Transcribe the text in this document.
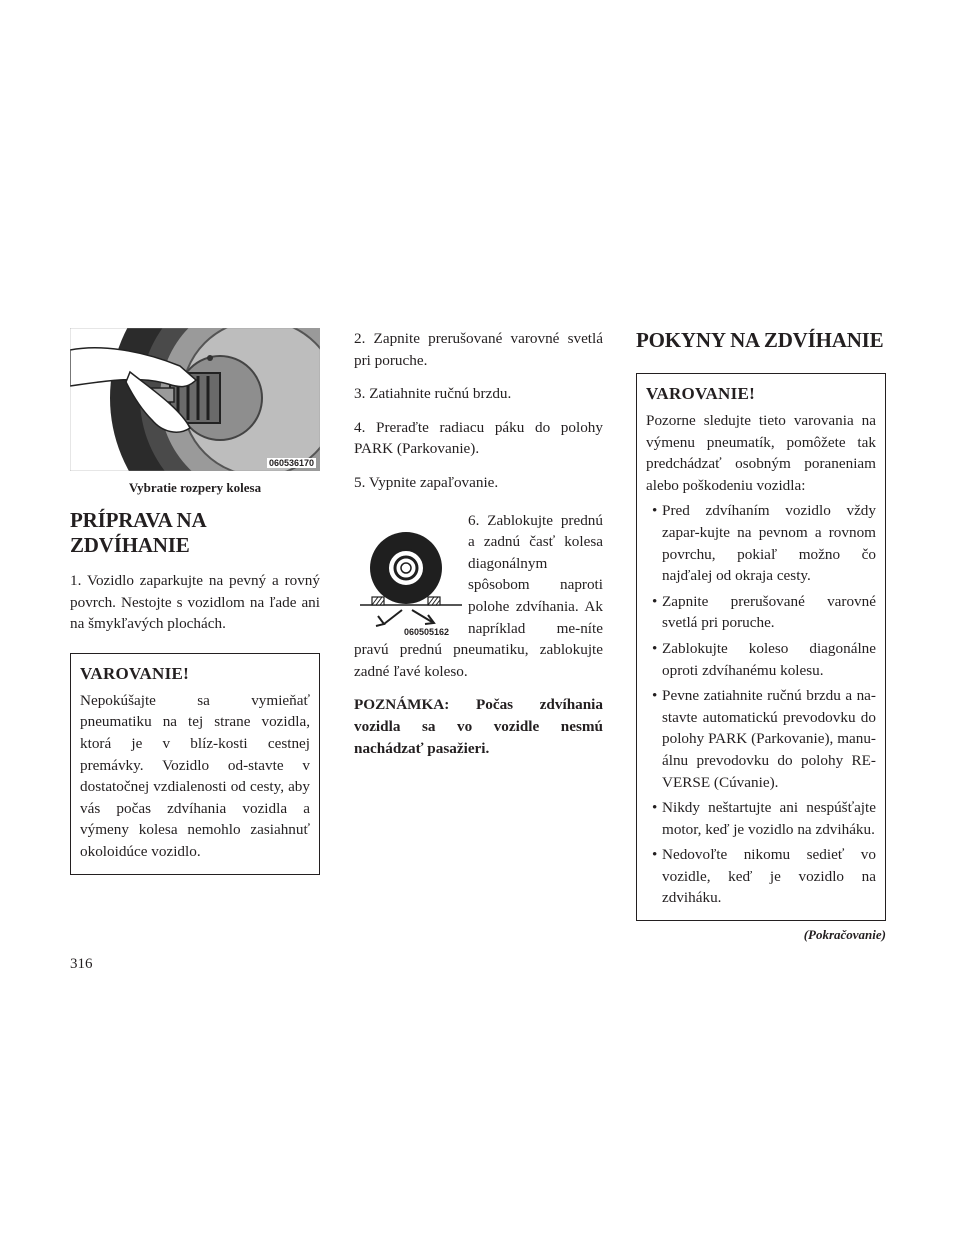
0605361​70
Vybratie rozpery kolesa
PRÍPRAVA NA
ZDVÍHANIE

1. Vozidlo zaparkujte na pevný a rovný povrch. Nestojte s vozidlom na ľade ani na šmykľavých plochách.

VAROVANIE!

Nepokúšajte sa vymieňať pneumatiku na tej strane vozidla, ktorá je v blíz-kosti cestnej premávky. Vozidlo od-stavte v dostatočnej vzdialenosti od cesty, aby vás počas zdvíhania vozidla a výmeny kolesa nemohlo zasiahnuť okoloidúce vozidlo.

2. Zapnite prerušované varovné svetlá pri poruche.

3. Zatiahnite ručnú brzdu.

4. Preraďte radiacu páku do polohy PARK (Parkovanie).

5. Vypnite zapaľovanie.

060505162

6. Zablokujte prednú a zadnú časť kolesa diagonálnym spôsobom naproti polohe zdvíhania. Ak napríklad me-níte pravú prednú pneumatiku, zablokujte zadné ľavé koleso.

POZNÁMKA: Počas zdvíhania vozidla sa vo vozidle nesmú nachádzať pasažieri.

POKYNY NA ZDVÍHANIE
VAROVANIE!

Pozorne sledujte tieto varovania na výmenu pneumatík, pomôžete tak predchádzať osobným poraneniam alebo poškodeniu vozidla:

• Pred zdvíhaním vozidlo vždy zapar-kujte na pevnom a rovnom povrchu, pokiaľ možno čo najďalej od okraja cesty.
• Zapnite prerušované varovné svetlá pri poruche.
• Zablokujte koleso diagonálne oproti zdvíhanému kolesu.
• Pevne zatiahnite ručnú brzdu a na-stavte automatickú prevodovku do polohy PARK (Parkovanie), manu-álnu prevodovku do polohy RE-VERSE (Cúvanie).
• Nikdy neštartujte ani nespúšťajte motor, keď je vozidlo na zdviháku.
• Nedovoľte nikomu sedieť vo vozidle, keď je vozidlo na zdviháku.
(Pokračovanie)
316
